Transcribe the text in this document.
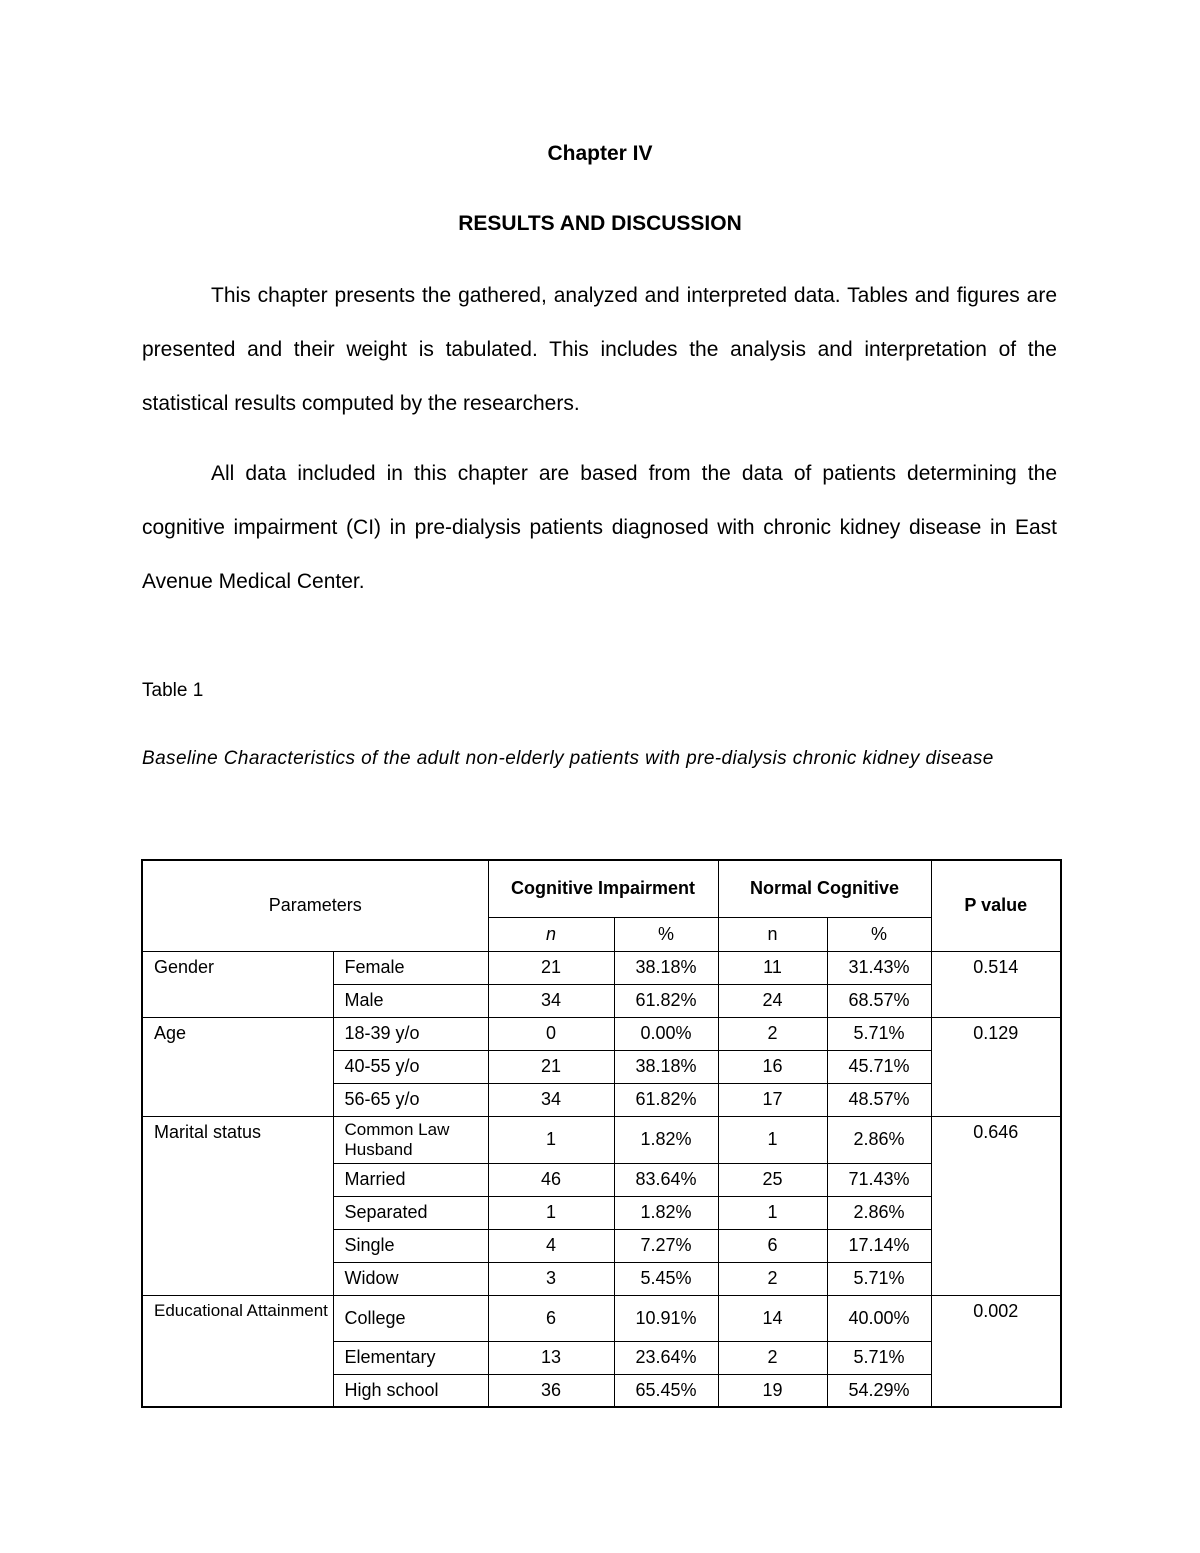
Chapter IV
RESULTS AND DISCUSSION

This chapter presents the gathered, analyzed and interpreted data. Tables and figures are presented and their weight is tabulated. This includes the analysis and interpretation of the statistical results computed by the researchers.

All data included in this chapter are based from the data of patients determining the cognitive impairment (CI) in pre-dialysis patients diagnosed with chronic kidney disease in East Avenue Medical Center.

Table 1

Baseline Characteristics of the adult non-elderly patients with pre-dialysis chronic kidney disease

Parameters		Cognitive Impairment		Normal Cognitive		P value
		n	%	n	%	
Gender	Female	21	38.18%	11	31.43%	0.514
	Male	34	61.82%	24	68.57%	
Age	18-39 y/o	0	0.00%	2	5.71%	0.129
	40-55 y/o	21	38.18%	16	45.71%	
	56-65 y/o	34	61.82%	17	48.57%	
Marital status	Common Law Husband	1	1.82%	1	2.86%	0.646
	Married	46	83.64%	25	71.43%	
	Separated	1	1.82%	1	2.86%	
	Single	4	7.27%	6	17.14%	
	Widow	3	5.45%	2	5.71%	
Educational Attainment	College	6	10.91%	14	40.00%	0.002
	Elementary	13	23.64%	2	5.71%	
	High school	36	65.45%	19	54.29%	
